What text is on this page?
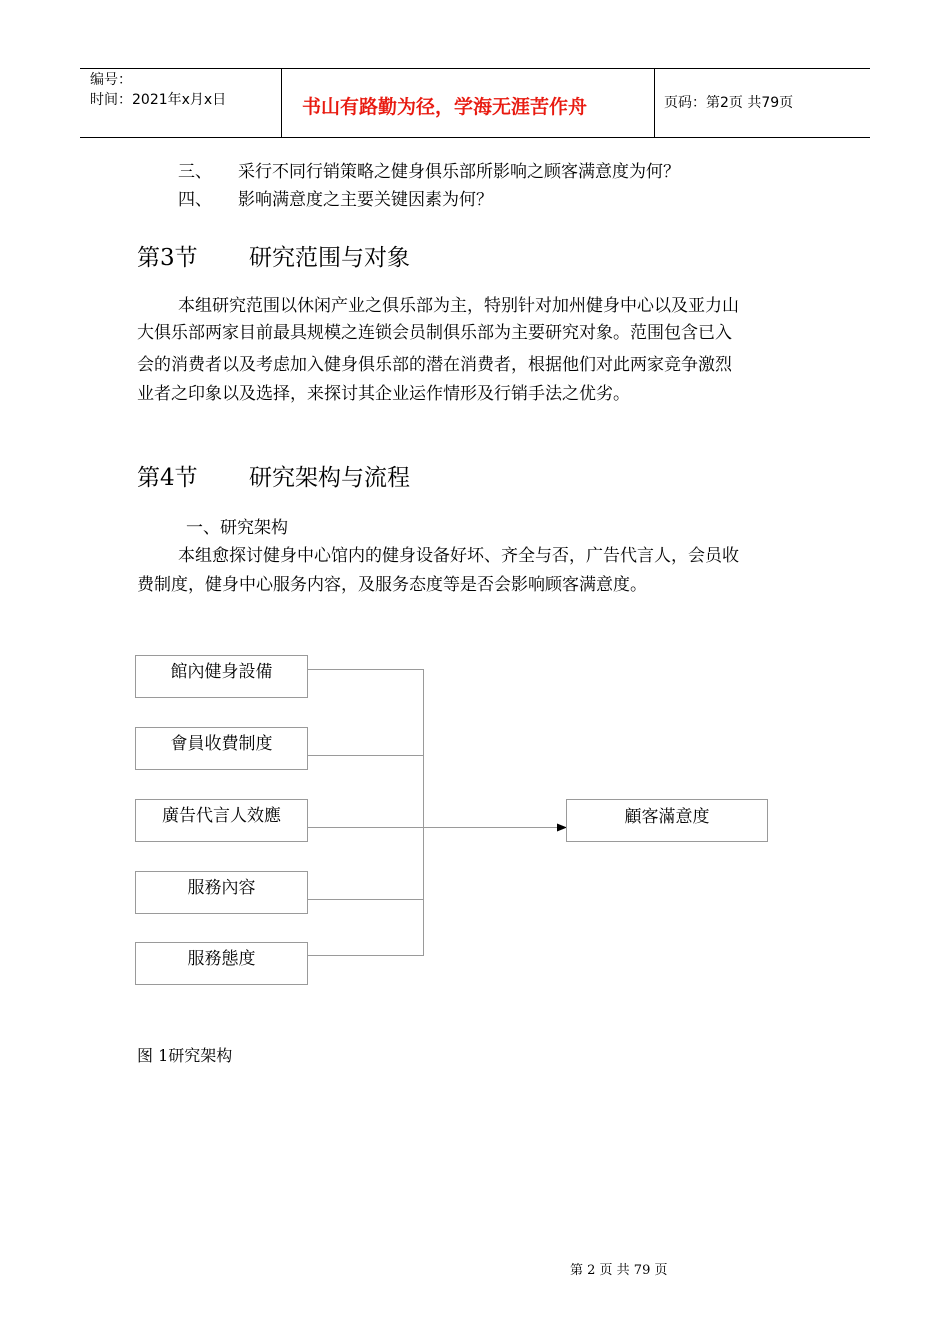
编号：
时间：2021年x月x日	书山有路勤为径，学海无涯苦作舟	页码：第2页 共79页
三、 采行不同行销策略之健身俱乐部所影响之顾客满意度为何？
四、 影响满意度之主要关键因素为何？
第3节 研究范围与对象
本组研究范围以休闲产业之俱乐部为主，特别针对加州健身中心以及亚力山
大俱乐部两家目前最具规模之连锁会员制俱乐部为主要研究对象。范围包含已入
会的消费者以及考虑加入健身俱乐部的潜在消费者，根据他们对此两家竞争激烈
业者之印象以及选择，来探讨其企业运作情形及行销手法之优劣。
第4节 研究架构与流程
一、研究架构
本组愈探讨健身中心馆内的健身设备好坏、齐全与否，广告代言人，会员收
费制度，健身中心服务内容，及服务态度等是否会影响顾客满意度。
館內健身設備
會員收費制度
廣告代言人效應
服務內容
服務態度
顧客滿意度
图 1研究架构
第 2 页 共 79 页
